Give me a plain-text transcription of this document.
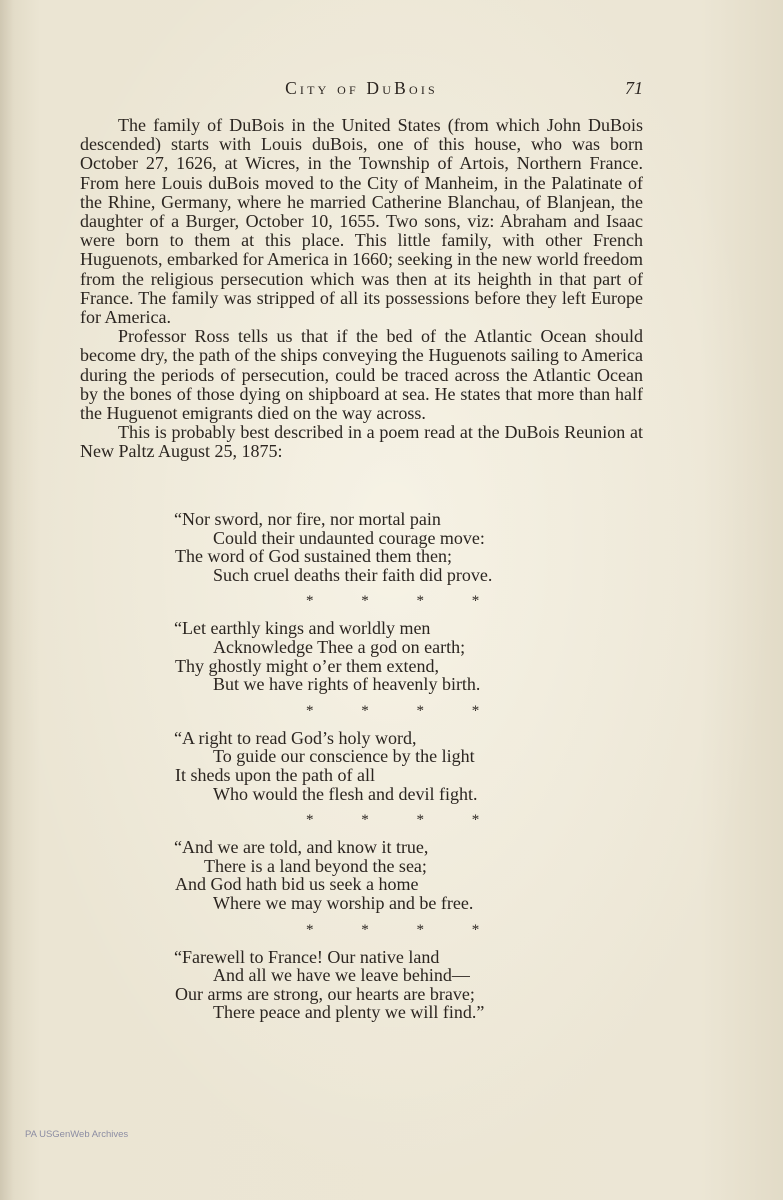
City of DuBois	71

The family of DuBois in the United States (from which John DuBois descended) starts with Louis duBois, one of this house, who was born October 27, 1626, at Wicres, in the Township of Artois, Northern France. From here Louis duBois moved to the City of Manheim, in the Palatinate of the Rhine, Germany, where he married Catherine Blanchau, of Blanjean, the daughter of a Burger, October 10, 1655. Two sons, viz: Abraham and Isaac were born to them at this place. This little family, with other French Huguenots, embarked for America in 1660; seeking in the new world freedom from the religious persecution which was then at its heighth in that part of France. The family was stripped of all its possessions before they left Europe for America.

Professor Ross tells us that if the bed of the Atlantic Ocean should become dry, the path of the ships conveying the Huguenots sailing to America during the periods of persecution, could be traced across the Atlantic Ocean by the bones of those dying on shipboard at sea. He states that more than half the Huguenot emigrants died on the way across.

This is probably best described in a poem read at the DuBois Reunion at New Paltz August 25, 1875:

“Nor sword, nor fire, nor mortal pain
Could their undaunted courage move:
The word of God sustained them then;
Such cruel deaths their faith did prove.
* * * *
“Let earthly kings and worldly men
Acknowledge Thee a god on earth;
Thy ghostly might o’er them extend,
But we have rights of heavenly birth.
* * * *
“A right to read God’s holy word,
To guide our conscience by the light
It sheds upon the path of all
Who would the flesh and devil fight.
* * * *
“And we are told, and know it true,
There is a land beyond the sea;
And God hath bid us seek a home
Where we may worship and be free.
* * * *
“Farewell to France! Our native land
And all we have we leave behind—
Our arms are strong, our hearts are brave;
There peace and plenty we will find.”
PA USGenWeb Archives
